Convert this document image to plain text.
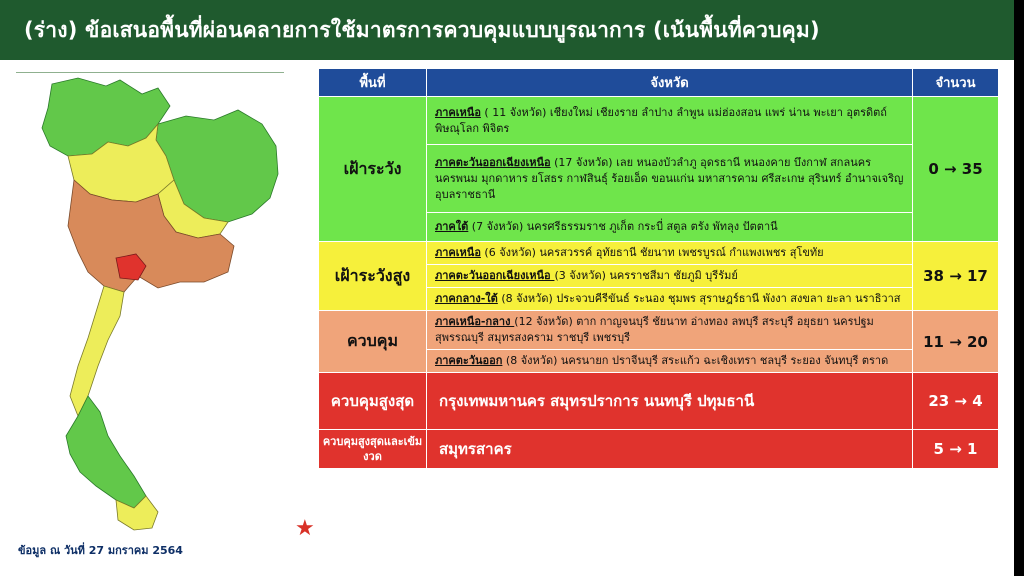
(ร่าง) ข้อเสนอพื้นที่ผ่อนคลายการใช้มาตรการควบคุมแบบบูรณาการ (เน้นพื้นที่ควบคุม)
ข้อมูล ณ วันที่ 27 มกราคม 2564
★
พื้นที่	จังหวัด	จำนวน
เฝ้าระวัง	ภาคเหนือ ( 11 จังหวัด) เชียงใหม่ เชียงราย ลำปาง ลำพูน แม่ฮ่องสอน แพร่ น่าน พะเยา อุตรดิตถ์ พิษณุโลก พิจิตร	0 → 35
	ภาคตะวันออกเฉียงเหนือ (17 จังหวัด) เลย หนองบัวลำภู อุดรธานี หนองคาย บึงกาฬ สกลนคร นครพนม มุกดาหาร ยโสธร กาฬสินธุ์ ร้อยเอ็ด ขอนแก่น มหาสารคาม ศรีสะเกษ สุรินทร์ อำนาจเจริญ อุบลราชธานี	
	ภาคใต้ (7 จังหวัด) นครศรีธรรมราช ภูเก็ต กระบี่ สตูล ตรัง พัทลุง ปัตตานี	
เฝ้าระวังสูง	ภาคเหนือ (6 จังหวัด) นครสวรรค์ อุทัยธานี ชัยนาท เพชรบูรณ์ กำแพงเพชร สุโขทัย	38 → 17
	ภาคตะวันออกเฉียงเหนือ (3 จังหวัด) นครราชสีมา ชัยภูมิ บุรีรัมย์	
	ภาคกลาง-ใต้ (8 จังหวัด) ประจวบคีรีขันธ์ ระนอง ชุมพร สุราษฎร์ธานี พังงา สงขลา ยะลา นราธิวาส	
ควบคุม	ภาคเหนือ-กลาง (12 จังหวัด) ตาก กาญจนบุรี ชัยนาท อ่างทอง ลพบุรี สระบุรี อยุธยา นครปฐม สุพรรณบุรี สมุทรสงคราม ราชบุรี เพชรบุรี	11 → 20
	ภาคตะวันออก (8 จังหวัด) นครนายก ปราจีนบุรี สระแก้ว ฉะเชิงเทรา ชลบุรี ระยอง จันทบุรี ตราด	
ควบคุมสูงสุด	กรุงเทพมหานคร สมุทรปราการ นนทบุรี ปทุมธานี	23 → 4
ควบคุมสูงสุดและเข้มงวด	สมุทรสาคร	5 → 1
